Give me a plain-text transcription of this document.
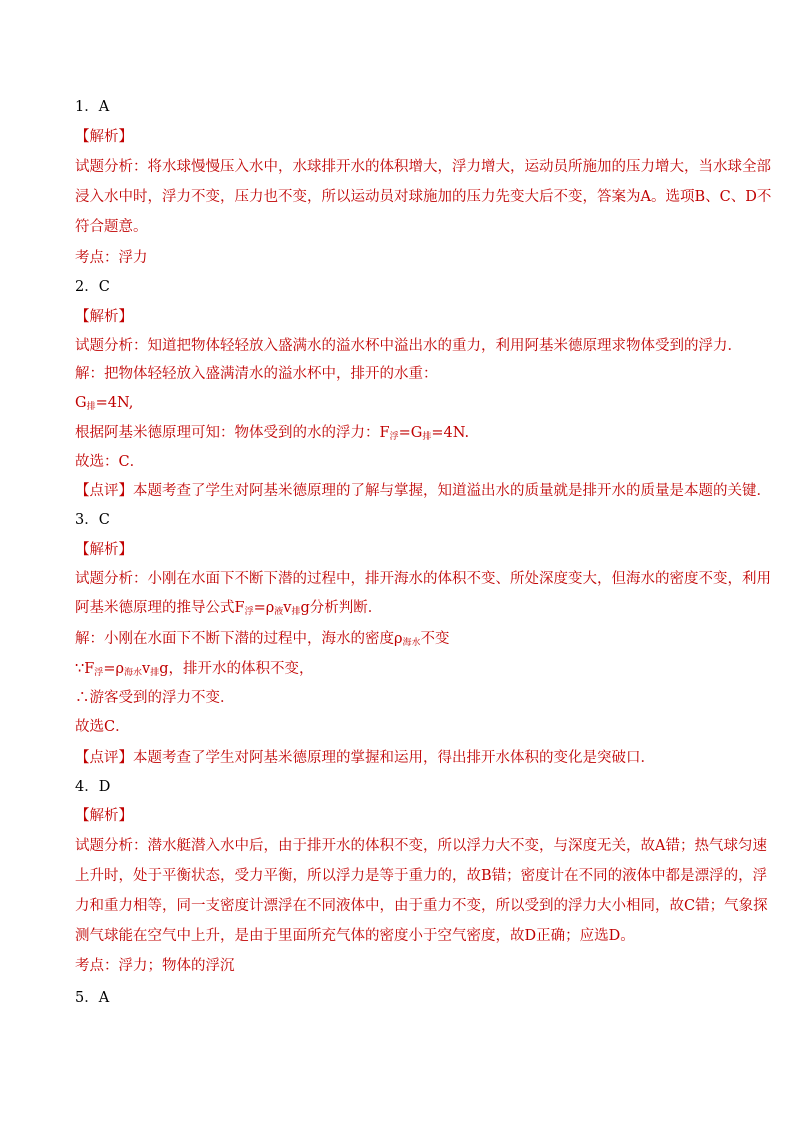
1．A
【解析】
试题分析：将水球慢慢压入水中，水球排开水的体积增大，浮力增大，运动员所施加的压力增大，当水球全部
浸入水中时，浮力不变，压力也不变，所以运动员对球施加的压力先变大后不变，答案为A。选项B、C、D不
符合题意。
考点：浮力
2．C
【解析】
试题分析：知道把物体轻轻放入盛满水的溢水杯中溢出水的重力，利用阿基米德原理求物体受到的浮力．
解：把物体轻轻放入盛满清水的溢水杯中，排开的水重：
$G_排=4N$,
根据阿基米德原理可知：物体受到的水的浮力：$F_浮=G_排=4N$.
故选：C．
【点评】本题考查了学生对阿基米德原理的了解与掌握，知道溢出水的质量就是排开水的质量是本题的关键．
3．C
【解析】
试题分析：小刚在水面下不断下潜的过程中，排开海水的体积不变、所处深度变大，但海水的密度不变，利用
阿基米德原理的推导公式$F_浮=\rho_液v_排g$分析判断．
解：小刚在水面下不断下潜的过程中，海水的密度$\rho_{海水}$不变
$\because F_浮=\rho_{海水}v_排g$，排开水的体积不变，
∴游客受到的浮力不变．
故选C．
【点评】本题考查了学生对阿基米德原理的掌握和运用，得出排开水体积的变化是突破口．
4．D
【解析】
试题分析：潜水艇潜入水中后，由于排开水的体积不变，所以浮力大不变，与深度无关，故A错；热气球匀速
上升时，处于平衡状态，受力平衡，所以浮力是等于重力的，故B错；密度计在不同的液体中都是漂浮的，浮
力和重力相等，同一支密度计漂浮在不同液体中，由于重力不变，所以受到的浮力大小相同，故C错；气象探
测气球能在空气中上升，是由于里面所充气体的密度小于空气密度，故D正确；应选D。
考点：浮力；物体的浮沉
5．A
